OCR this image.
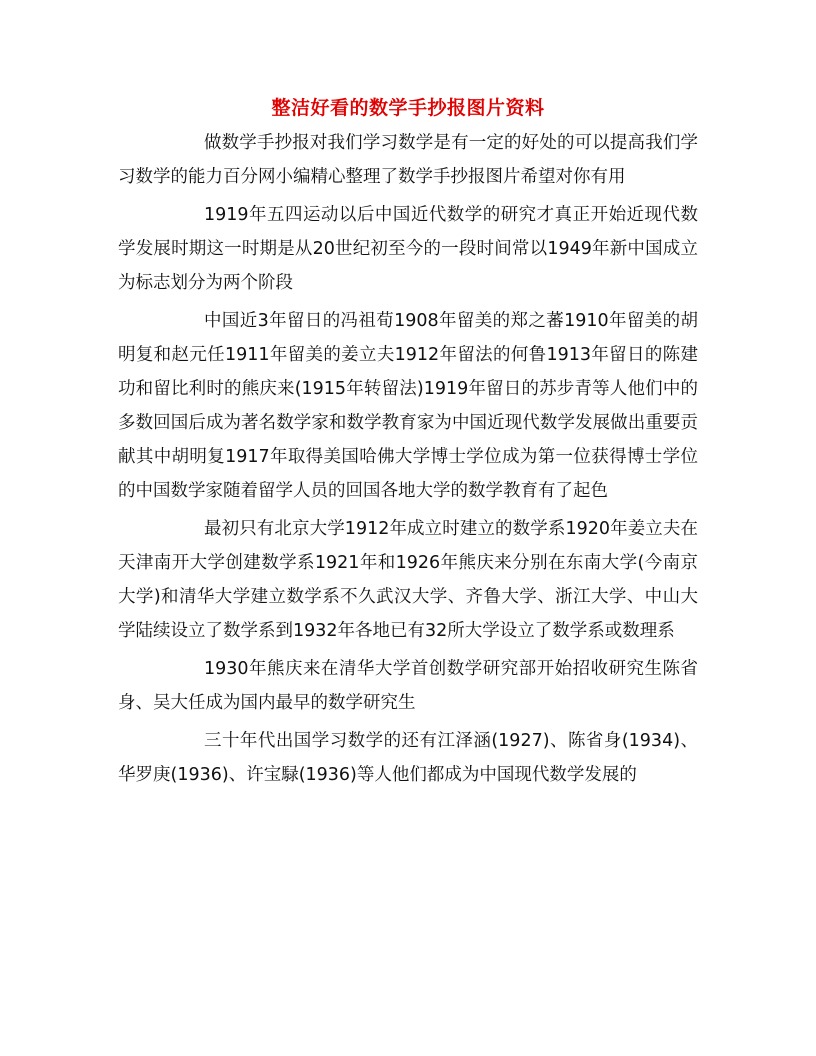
整洁好看的数学手抄报图片资料

做数学手抄报对我们学习数学是有一定的好处的可以提高我们学习数学的能力百分网小编精心整理了数学手抄报图片希望对你有用

1919年五四运动以后中国近代数学的研究才真正开始近现代数学发展时期这一时期是从20世纪初至今的一段时间常以1949年新中国成立为标志划分为两个阶段

中国近3年留日的冯祖荀1908年留美的郑之蕃1910年留美的胡明复和赵元任1911年留美的姜立夫1912年留法的何鲁1913年留日的陈建功和留比利时的熊庆来(1915年转留法)1919年留日的苏步青等人他们中的多数回国后成为著名数学家和数学教育家为中国近现代数学发展做出重要贡献其中胡明复1917年取得美国哈佛大学博士学位成为第一位获得博士学位的中国数学家随着留学人员的回国各地大学的数学教育有了起色

最初只有北京大学1912年成立时建立的数学系1920年姜立夫在天津南开大学创建数学系1921年和1926年熊庆来分别在东南大学(今南京大学)和清华大学建立数学系不久武汉大学、齐鲁大学、浙江大学、中山大学陆续设立了数学系到1932年各地已有32所大学设立了数学系或数理系

1930年熊庆来在清华大学首创数学研究部开始招收研究生陈省身、吴大任成为国内最早的数学研究生

三十年代出国学习数学的还有江泽涵(1927)、陈省身(1934)、华罗庚(1936)、许宝騄(1936)等人他们都成为中国现代数学发展的
